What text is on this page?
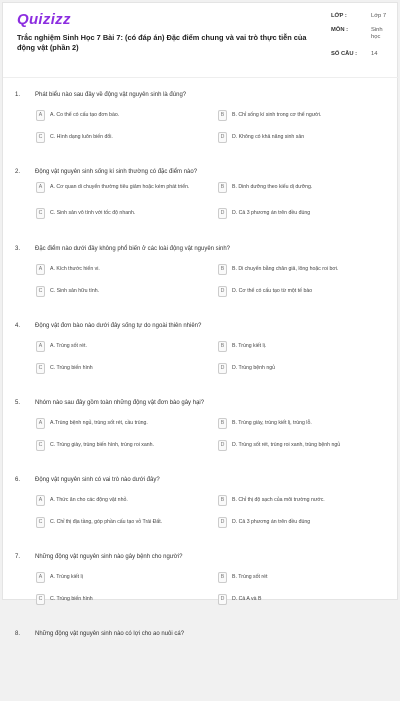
Quizizz
Trắc nghiệm Sinh Học 7 Bài 7: (có đáp án) Đặc điểm chung và vai trò thực tiễn của động vật (phần 2)
LỚP :	Lớp 7
MÔN :	Sinh học
SỐ CÂU : 14
1. Phát biểu nào sau đây về động vật nguyên sinh là đúng?
A	A. Co thể có cấu tạo đơn bào.	B	B. Chỉ sống kí sinh trong cơ thể người.
C	C. Hình dạng luôn biến đổi.	D	D. Không có khả năng sinh sản
2. Động vật nguyên sinh sống kí sinh thường có đặc điểm nào?
A	A. Cơ quan di chuyển thường tiêu giảm hoặc kém phát triển.	B	B. Dinh dưỡng theo kiểu dị dưỡng.
C	C. Sinh sản vô tính với tốc độ nhanh.	D	D. Cả 3 phương án trên đều đúng
3. Đặc điểm nào dưới đây không phổ biến ở các loài động vật nguyên sinh?
A	A. Kích thước hiển vi.	B	B. Di chuyển bằng chân giả, lông hoặc roi bơi.
C	C. Sinh sản hữu tính.	D	D. Cơ thể có cấu tạo từ một tế bào
4. Động vật đơn bào nào dưới đây sống tự do ngoài thiên nhiên?
A	A. Trùng sốt rét.	B	B. Trùng kiết lị.
C	C. Trùng biến hình	D	D. Trùng bệnh ngủ
5. Nhóm nào sau đây gồm toàn những động vật đơn bào gây hại?
A	A.Trùng bệnh ngủ, trùng sốt rét, cầu trùng.	B	B. Trùng giày, trùng kiết lị, trùng lỗ.
C	C. Trùng giày, trùng biến hình, trùng roi xanh.	D	D. Trùng sốt rét, trùng roi xanh, trùng bệnh ngủ
6. Động vật nguyên sinh có vai trò nào dưới đây?
A	A. Thức ăn cho các động vật nhỏ.	B	B. Chỉ thị độ sạch của môi trường nước.
C	C. Chỉ thị địa tầng, góp phần cấu tạo vỏ Trái Đất.	D	D. Cả 3 phương án trên đều đúng
7. Những động vật nguyên sinh nào gây bệnh cho người?
A	A. Trùng kiết lị	B	B. Trùng sốt rét
C	C. Trùng biến hình	D	D. Cả A và B
8. Những động vật nguyên sinh nào có lợi cho ao nuôi cá?
